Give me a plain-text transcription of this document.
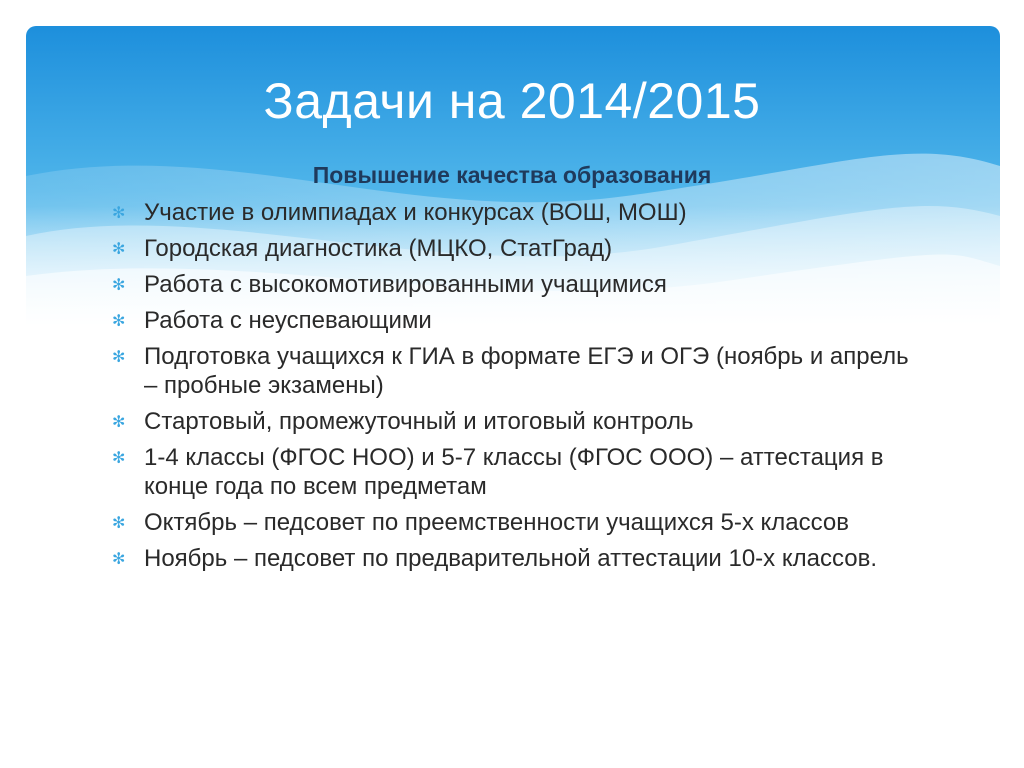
Задачи на 2014/2015

Повышение качества образования

✻ Участие в олимпиадах и конкурсах (ВОШ, МОШ)
✻ Городская диагностика (МЦКО, СтатГрад)
✻ Работа с высокомотивированными учащимися
✻ Работа с неуспевающими
✻ Подготовка учащихся к ГИА в формате ЕГЭ и ОГЭ (ноябрь и апрель – пробные экзамены)
✻ Стартовый, промежуточный и итоговый контроль
✻ 1-4 классы (ФГОС НОО) и 5-7 классы (ФГОС ООО) – аттестация в конце года по всем предметам
✻ Октябрь – педсовет по преемственности учащихся 5-х классов
✻ Ноябрь – педсовет по предварительной аттестации 10-х классов.
